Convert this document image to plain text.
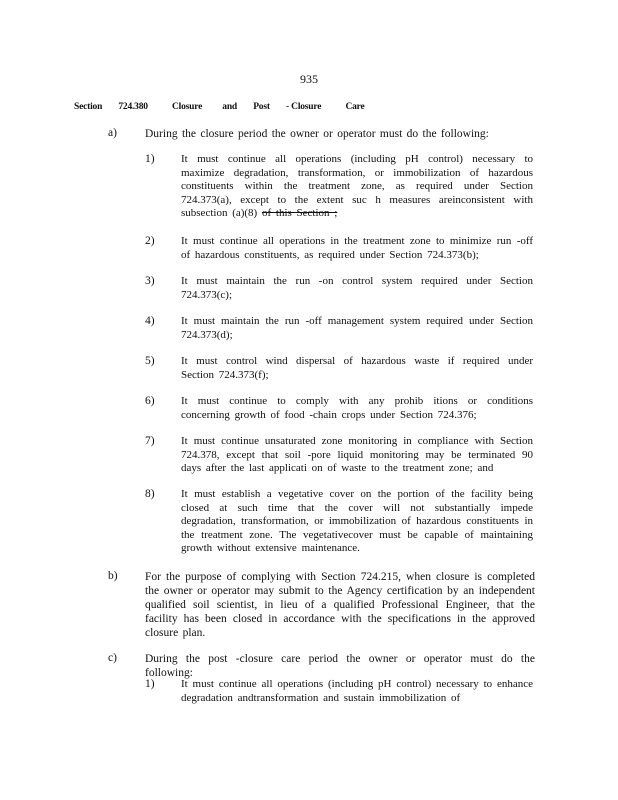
935
Section 724.380	Closure and Post - Closure	Care
a) During the closure period the owner or operator must do the following:
1) It must continue all operations (including pH control) necessary to maximize degradation, transformation, or immobilization of hazardous constituents within the treatment zone, as required under Section 724.373(a), except to the extent suc h measures areinconsistent with subsection (a)(8) of this Section ;
2) It must continue all operations in the treatment zone to minimize run -off of hazardous constituents, as required under Section 724.373(b);
3) It must maintain the run -on control system required under Section 724.373(c);
4) It must maintain the run -off management system required under Section 724.373(d);
5) It must control wind dispersal of hazardous waste if required under Section 724.373(f);
6) It must continue to comply with any prohib itions or conditions concerning growth of food -chain crops under Section 724.376;
7) It must continue unsaturated zone monitoring in compliance with Section 724.378, except that soil -pore liquid monitoring may be terminated 90 days after the last applicati on of waste to the treatment zone; and
8) It must establish a vegetative cover on the portion of the facility being closed at such time that the cover will not substantially impede degradation, transformation, or immobilization of hazardous constituents in the treatment zone. The vegetativecover must be capable of maintaining growth without extensive maintenance.
b) For the purpose of complying with Section 724.215, when closure is completed the owner or operator may submit to the Agency certification by an independent qualified soil scientist, in lieu of a qualified Professional Engineer, that the facility has been closed in accordance with the specifications in the approved closure plan.
c) During the post -closure care period the owner or operator must do the following:
1) It must continue all operations (including pH control) necessary to enhance degradation andtransformation and sustain immobilization of
